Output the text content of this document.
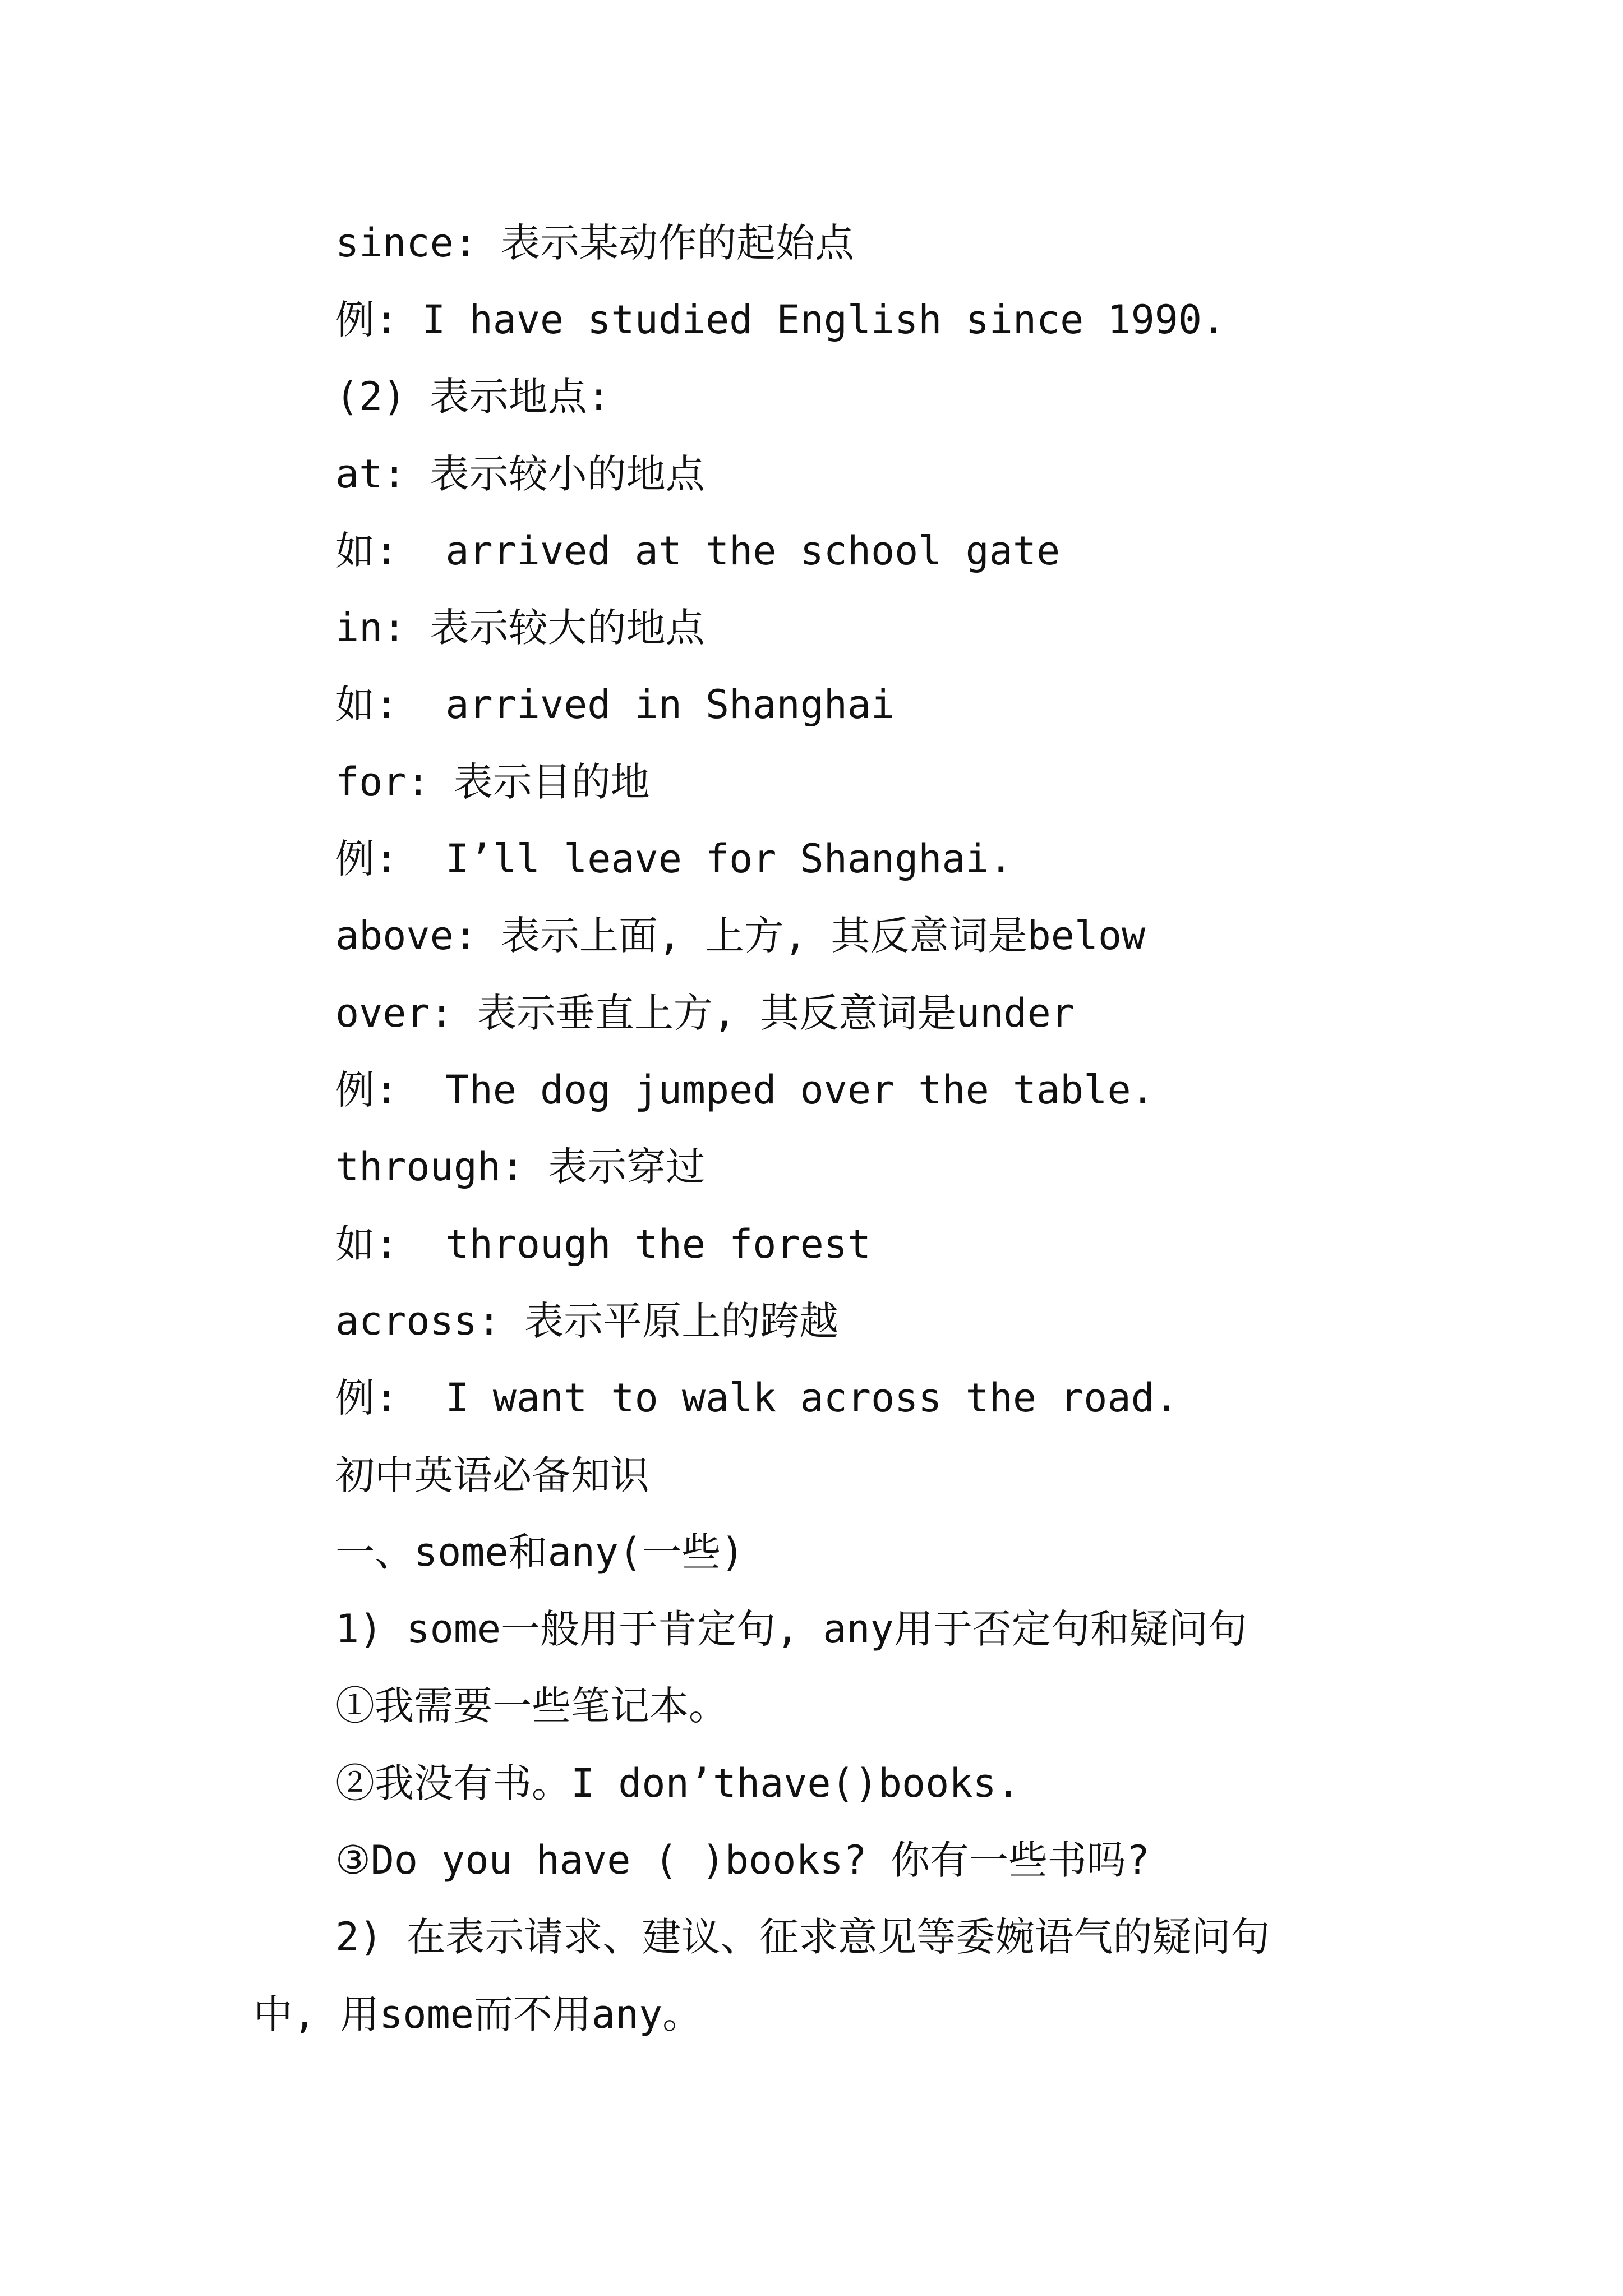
since: 表示某动作的起始点
例: I have studied English since 1990.
(2) 表示地点:
at: 表示较小的地点
如:  arrived at the school gate
in: 表示较大的地点
如:  arrived in Shanghai
for: 表示目的地
例:  I’ll leave for Shanghai.
above: 表示上面, 上方, 其反意词是below
over: 表示垂直上方, 其反意词是under
例:  The dog jumped over the table.
through: 表示穿过
如:  through the forest
across: 表示平原上的跨越
例:  I want to walk across the road.
初中英语必备知识
一、some和any(一些)
1) some一般用于肯定句, any用于否定句和疑问句
①我需要一些笔记本。
②我没有书。I don’thave()books.
③Do you have ( )books? 你有一些书吗?
2) 在表示请求、建议、征求意见等委婉语气的疑问句
中, 用some而不用any。
